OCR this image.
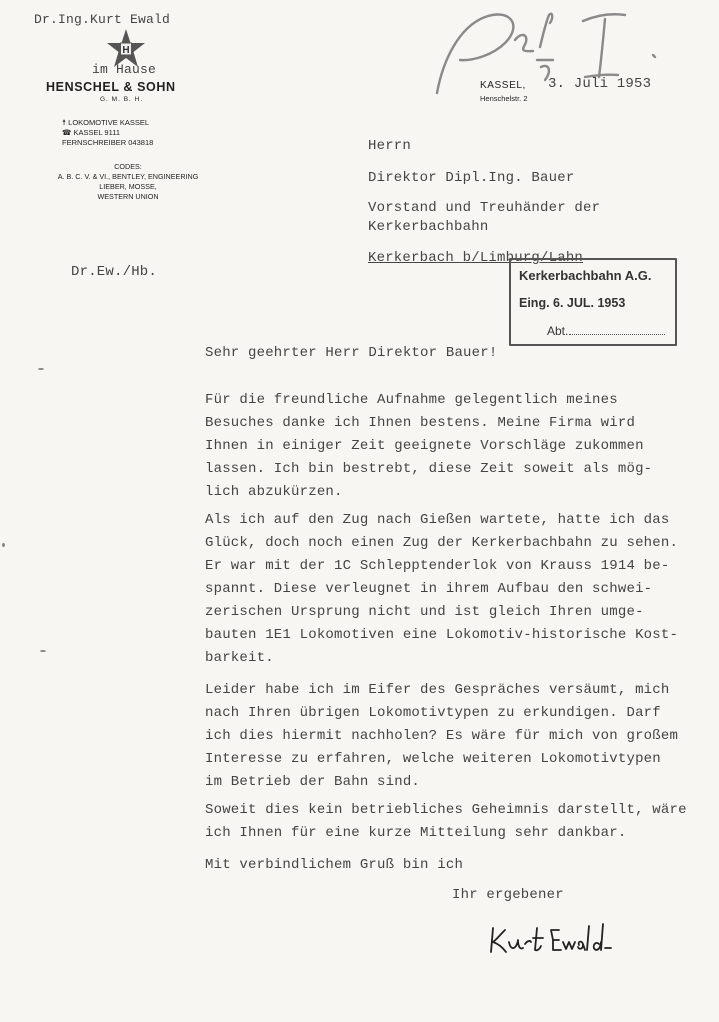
Dr.Ing.Kurt Ewald
H
im Hause
HENSCHEL & SOHN
G. M. B. H.
☨ LOKOMOTIVE KASSEL
☎ KASSEL 9111
FERNSCHREIBER 043818
CODES:
A. B. C. V. & VI., BENTLEY, ENGINEERING
LIEBER, MOSSE,
WESTERN UNION
Dr.Ew./Hb.
KASSEL,
Henschelstr. 2
3. Juli 1953
Herrn
Direktor Dipl.Ing. Bauer
Vorstand und Treuhänder der
Kerkerbachbahn
Kerkerbach b/Limburg/Lahn
Kerkerbachbahn A.G.
Eing. 6. JUL. 1953
Abt.
Sehr geehrter Herr Direktor Bauer!
Für die freundliche Aufnahme gelegentlich meines
Besuches danke ich Ihnen bestens. Meine Firma wird
Ihnen in einiger Zeit geeignete Vorschläge zukommen
lassen. Ich bin bestrebt, diese Zeit soweit als mög-
lich abzukürzen.
Als ich auf den Zug nach Gießen wartete, hatte ich das
Glück, doch noch einen Zug der Kerkerbachbahn zu sehen.
Er war mit der 1C Schlepptenderlok von Krauss 1914 be-
spannt. Diese verleugnet in ihrem Aufbau den schwei-
zerischen Ursprung nicht und ist gleich Ihren umge-
bauten 1E1 Lokomotiven eine Lokomotiv-historische Kost-
barkeit.
Leider habe ich im Eifer des Gespräches versäumt, mich
nach Ihren übrigen Lokomotivtypen zu erkundigen. Darf
ich dies hiermit nachholen? Es wäre für mich von großem
Interesse zu erfahren, welche weiteren Lokomotivtypen
im Betrieb der Bahn sind.
Soweit dies kein betriebliches Geheimnis darstellt, wäre
ich Ihnen für eine kurze Mitteilung sehr dankbar.
Mit verbindlichem Gruß bin ich
Ihr ergebener
